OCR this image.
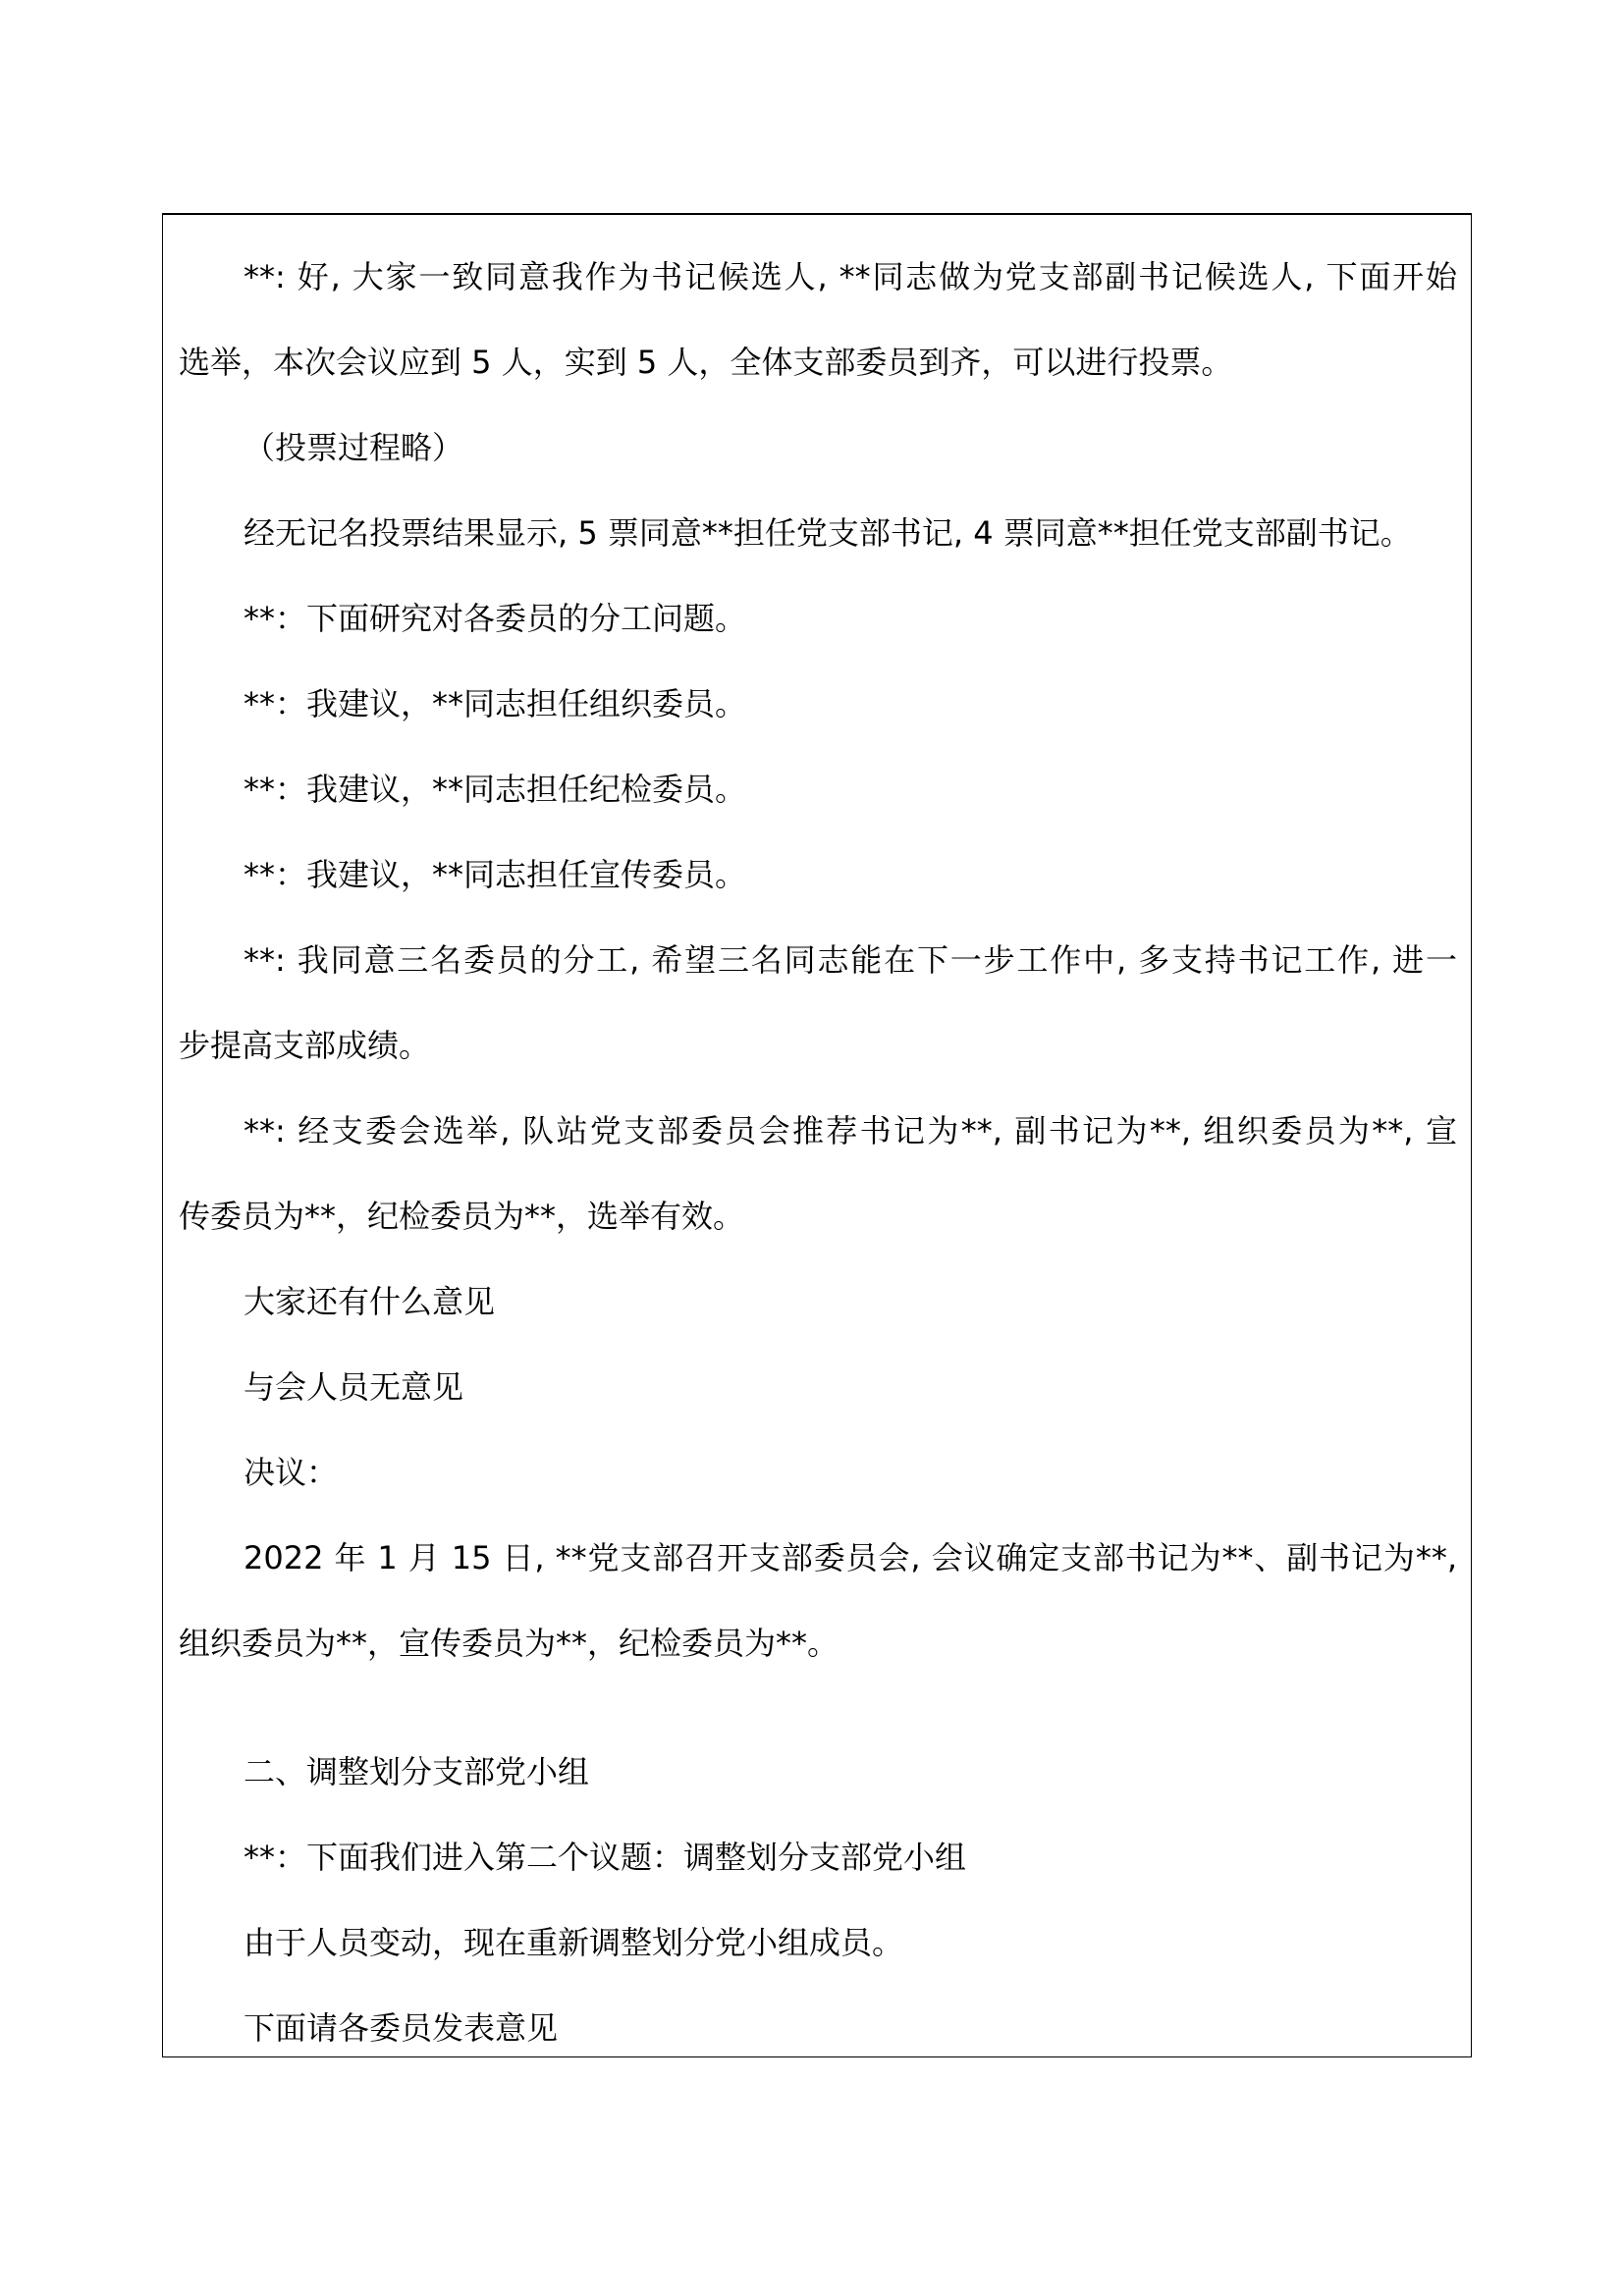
**: 好, 大家一致同意我作为书记候选人, **同志做为党支部副书记候选人, 下面开始
选举，本次会议应到 5 人，实到 5 人，全体支部委员到齐，可以进行投票。
（投票过程略）
经无记名投票结果显示, 5 票同意**担任党支部书记, 4 票同意**担任党支部副书记。
**：下面研究对各委员的分工问题。
**：我建议，**同志担任组织委员。
**：我建议，**同志担任纪检委员。
**：我建议，**同志担任宣传委员。
**: 我同意三名委员的分工, 希望三名同志能在下一步工作中, 多支持书记工作, 进一
步提高支部成绩。
**: 经支委会选举, 队站党支部委员会推荐书记为**, 副书记为**, 组织委员为**, 宣
传委员为**，纪检委员为**，选举有效。
大家还有什么意见
与会人员无意见
决议：
2022 年 1 月 15 日, **党支部召开支部委员会, 会议确定支部书记为**、副书记为**,
组织委员为**，宣传委员为**，纪检委员为**。
二、调整划分支部党小组
**：下面我们进入第二个议题：调整划分支部党小组
由于人员变动，现在重新调整划分党小组成员。
下面请各委员发表意见
